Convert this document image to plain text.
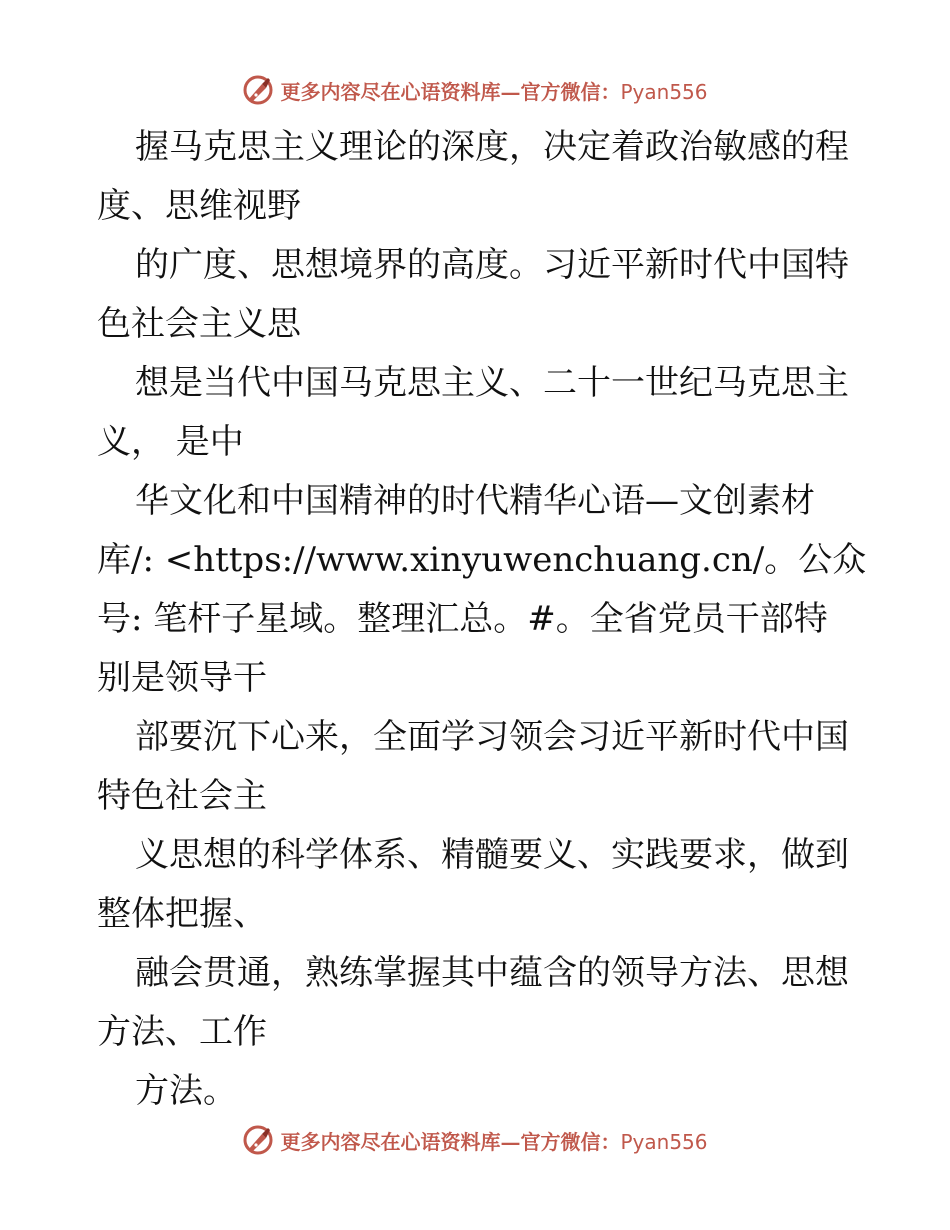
更多内容尽在心语资料库—官方微信：Pyan556
握马克思主义理论的深度，决定着政治敏感的程
度、思维视野
的广度、思想境界的高度。习近平新时代中国特
色社会主义思
想是当代中国马克思主义、二十一世纪马克思主
义， 是中
华文化和中国精神的时代精华心语—文创素材
库/: <https://www.xinyuwenchuang.cn/。公众
号: 笔杆子星域。整理汇总。#。全省党员干部特
别是领导干
部要沉下心来，全面学习领会习近平新时代中国
特色社会主
义思想的科学体系、精髓要义、实践要求，做到
整体把握、
融会贯通，熟练掌握其中蕴含的领导方法、思想
方法、工作
方法。
更多内容尽在心语资料库—官方微信：Pyan556
